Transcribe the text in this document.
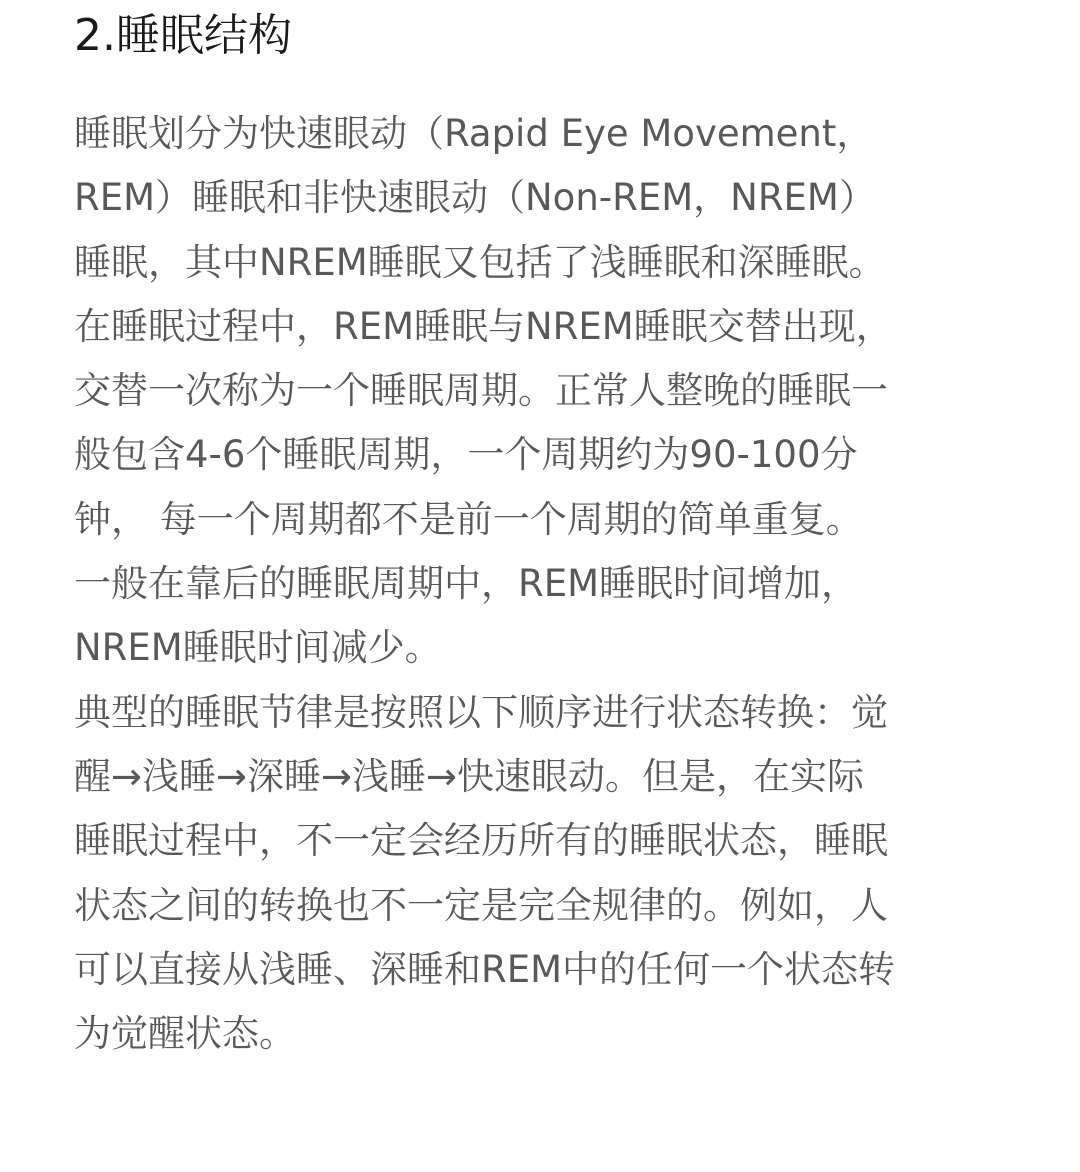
2.睡眠结构

睡眠划分为快速眼动（Rapid Eye Movement，
REM）睡眠和非快速眼动（Non-REM，NREM）
睡眠，其中NREM睡眠又包括了浅睡眠和深睡眠。
在睡眠过程中，REM睡眠与NREM睡眠交替出现，
交替一次称为一个睡眠周期。正常人整晚的睡眠一
般包含4-6个睡眠周期，一个周期约为90-100分
钟， 每一个周期都不是前一个周期的简单重复。
一般在靠后的睡眠周期中，REM睡眠时间增加，
NREM睡眠时间减少。

典型的睡眠节律是按照以下顺序进行状态转换：觉
醒→浅睡→深睡→浅睡→快速眼动。但是，在实际
睡眠过程中，不一定会经历所有的睡眠状态，睡眠
状态之间的转换也不一定是完全规律的。例如，人
可以直接从浅睡、深睡和REM中的任何一个状态转
为觉醒状态。
